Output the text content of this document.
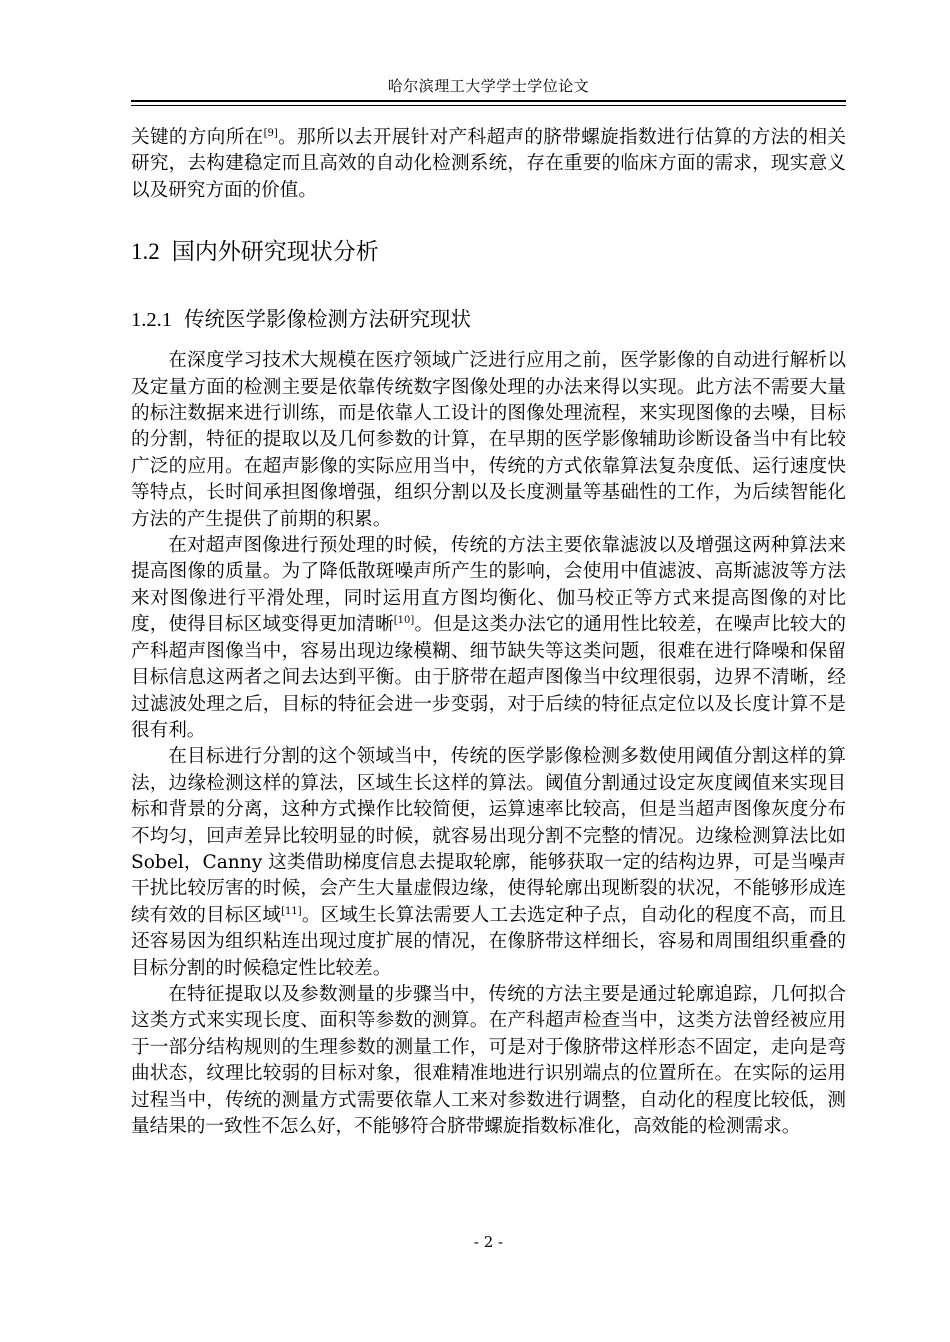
哈尔滨理工大学学士学位论文

关键的方向所在[9]。那所以去开展针对产科超声的脐带螺旋指数进行估算的方法的相关研究，去构建稳定而且高效的自动化检测系统，存在重要的临床方面的需求，现实意义以及研究方面的价值。

1.2 国内外研究现状分析
1.2.1 传统医学影像检测方法研究现状

在深度学习技术大规模在医疗领域广泛进行应用之前，医学影像的自动进行解析以及定量方面的检测主要是依靠传统数字图像处理的办法来得以实现。此方法不需要大量的标注数据来进行训练，而是依靠人工设计的图像处理流程，来实现图像的去噪，目标的分割，特征的提取以及几何参数的计算，在早期的医学影像辅助诊断设备当中有比较广泛的应用。在超声影像的实际应用当中，传统的方式依靠算法复杂度低、运行速度快等特点，长时间承担图像增强，组织分割以及长度测量等基础性的工作，为后续智能化方法的产生提供了前期的积累。

在对超声图像进行预处理的时候，传统的方法主要依靠滤波以及增强这两种算法来提高图像的质量。为了降低散斑噪声所产生的影响，会使用中值滤波、高斯滤波等方法来对图像进行平滑处理，同时运用直方图均衡化、伽马校正等方式来提高图像的对比度，使得目标区域变得更加清晰[10]。但是这类办法它的通用性比较差，在噪声比较大的产科超声图像当中，容易出现边缘模糊、细节缺失等这类问题，很难在进行降噪和保留目标信息这两者之间去达到平衡。由于脐带在超声图像当中纹理很弱，边界不清晰，经过滤波处理之后，目标的特征会进一步变弱，对于后续的特征点定位以及长度计算不是很有利。

在目标进行分割的这个领域当中，传统的医学影像检测多数使用阈值分割这样的算法，边缘检测这样的算法，区域生长这样的算法。阈值分割通过设定灰度阈值来实现目标和背景的分离，这种方式操作比较简便，运算速率比较高，但是当超声图像灰度分布不均匀，回声差异比较明显的时候，就容易出现分割不完整的情况。边缘检测算法比如 Sobel，Canny 这类借助梯度信息去提取轮廓，能够获取一定的结构边界，可是当噪声干扰比较厉害的时候，会产生大量虚假边缘，使得轮廓出现断裂的状况，不能够形成连续有效的目标区域[11]。区域生长算法需要人工去选定种子点，自动化的程度不高，而且还容易因为组织粘连出现过度扩展的情况，在像脐带这样细长，容易和周围组织重叠的目标分割的时候稳定性比较差。

在特征提取以及参数测量的步骤当中，传统的方法主要是通过轮廓追踪，几何拟合这类方式来实现长度、面积等参数的测算。在产科超声检查当中，这类方法曾经被应用于一部分结构规则的生理参数的测量工作，可是对于像脐带这样形态不固定，走向是弯曲状态，纹理比较弱的目标对象，很难精准地进行识别端点的位置所在。在实际的运用过程当中，传统的测量方式需要依靠人工来对参数进行调整，自动化的程度比较低，测量结果的一致性不怎么好，不能够符合脐带螺旋指数标准化，高效能的检测需求。

- 2 -
